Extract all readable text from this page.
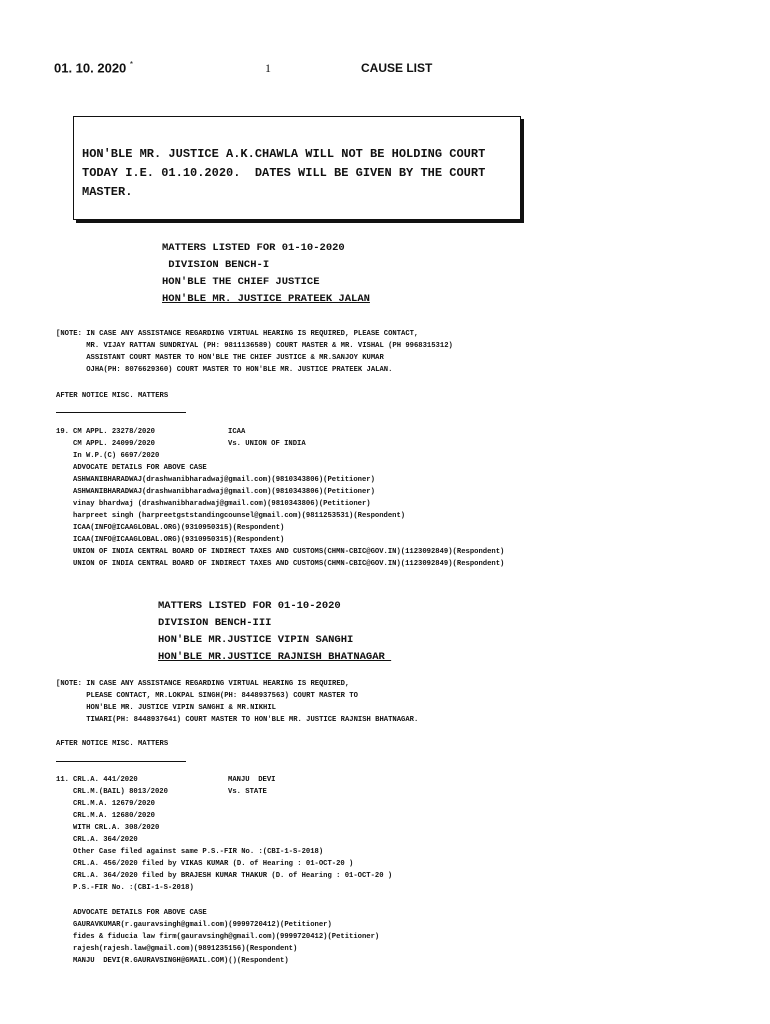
01. 10. 2020 *	1	CAUSE LIST
HON'BLE MR. JUSTICE A.K.CHAWLA WILL NOT BE HOLDING COURT
TODAY I.E. 01.10.2020.  DATES WILL BE GIVEN BY THE COURT
MASTER.
MATTERS LISTED FOR 01-10-2020
DIVISION BENCH-I
HON'BLE THE CHIEF JUSTICE
HON'BLE MR. JUSTICE PRATEEK JALAN
[NOTE: IN CASE ANY ASSISTANCE REGARDING VIRTUAL HEARING IS REQUIRED, PLEASE CONTACT,
MR. VIJAY RATTAN SUNDRIYAL (PH: 9811136589) COURT MASTER & MR. VISHAL (PH 9968315312)
ASSISTANT COURT MASTER TO HON'BLE THE CHIEF JUSTICE & MR.SANJOY KUMAR
OJHA(PH: 8076629360) COURT MASTER TO HON'BLE MR. JUSTICE PRATEEK JALAN.
AFTER NOTICE MISC. MATTERS
19. CM APPL. 23278/2020
CM APPL. 24099/2020
In W.P.(C) 6697/2020
ADVOCATE DETAILS FOR ABOVE CASE
ASHWANIBHARADWAJ(drashwanibharadwaj@gmail.com)(9810343806)(Petitioner)
ASHWANIBHARADWAJ(drashwanibharadwaj@gmail.com)(9810343806)(Petitioner)
vinay bhardwaj (drashwanibharadwaj@gmail.com)(9810343806)(Petitioner)
harpreet singh (harpreetgststandingcounsel@gmail.com)(9811253531)(Respondent)
ICAA(INFO@ICAAGLOBAL.ORG)(9310950315)(Respondent)
ICAA(INFO@ICAAGLOBAL.ORG)(9310950315)(Respondent)
UNION OF INDIA CENTRAL BOARD OF INDIRECT TAXES AND CUSTOMS(CHMN-CBIC@GOV.IN)(1123092849)(Respondent)
UNION OF INDIA CENTRAL BOARD OF INDIRECT TAXES AND CUSTOMS(CHMN-CBIC@GOV.IN)(1123092849)(Respondent)
ICAA
Vs. UNION OF INDIA
MATTERS LISTED FOR 01-10-2020
DIVISION BENCH-III
HON'BLE MR.JUSTICE VIPIN SANGHI
HON'BLE MR.JUSTICE RAJNISH BHATNAGAR
[NOTE: IN CASE ANY ASSISTANCE REGARDING VIRTUAL HEARING IS REQUIRED,
PLEASE CONTACT, MR.LOKPAL SINGH(PH: 8448937563) COURT MASTER TO
HON'BLE MR. JUSTICE VIPIN SANGHI & MR.NIKHIL
TIWARI(PH: 8448937641) COURT MASTER TO HON'BLE MR. JUSTICE RAJNISH BHATNAGAR.
AFTER NOTICE MISC. MATTERS
11. CRL.A. 441/2020
CRL.M.(BAIL) 8013/2020
CRL.M.A. 12679/2020
CRL.M.A. 12680/2020
WITH CRL.A. 308/2020
CRL.A. 364/2020
Other Case filed against same P.S.-FIR No. :(CBI-1-S-2018)
CRL.A. 456/2020 filed by VIKAS KUMAR (D. of Hearing : 01-OCT-20 )
CRL.A. 364/2020 filed by BRAJESH KUMAR THAKUR (D. of Hearing : 01-OCT-20 )
P.S.-FIR No. :(CBI-1-S-2018)
MANJU  DEVI
Vs. STATE
ADVOCATE DETAILS FOR ABOVE CASE
GAURAVKUMAR(r.gauravsingh@gmail.com)(9999720412)(Petitioner)
fides & fiducia law firm(gauravsingh@gmail.com)(9999720412)(Petitioner)
rajesh(rajesh.law@gmail.com)(9891235156)(Respondent)
MANJU  DEVI(R.GAURAVSINGH@GMAIL.COM)()(Respondent)
